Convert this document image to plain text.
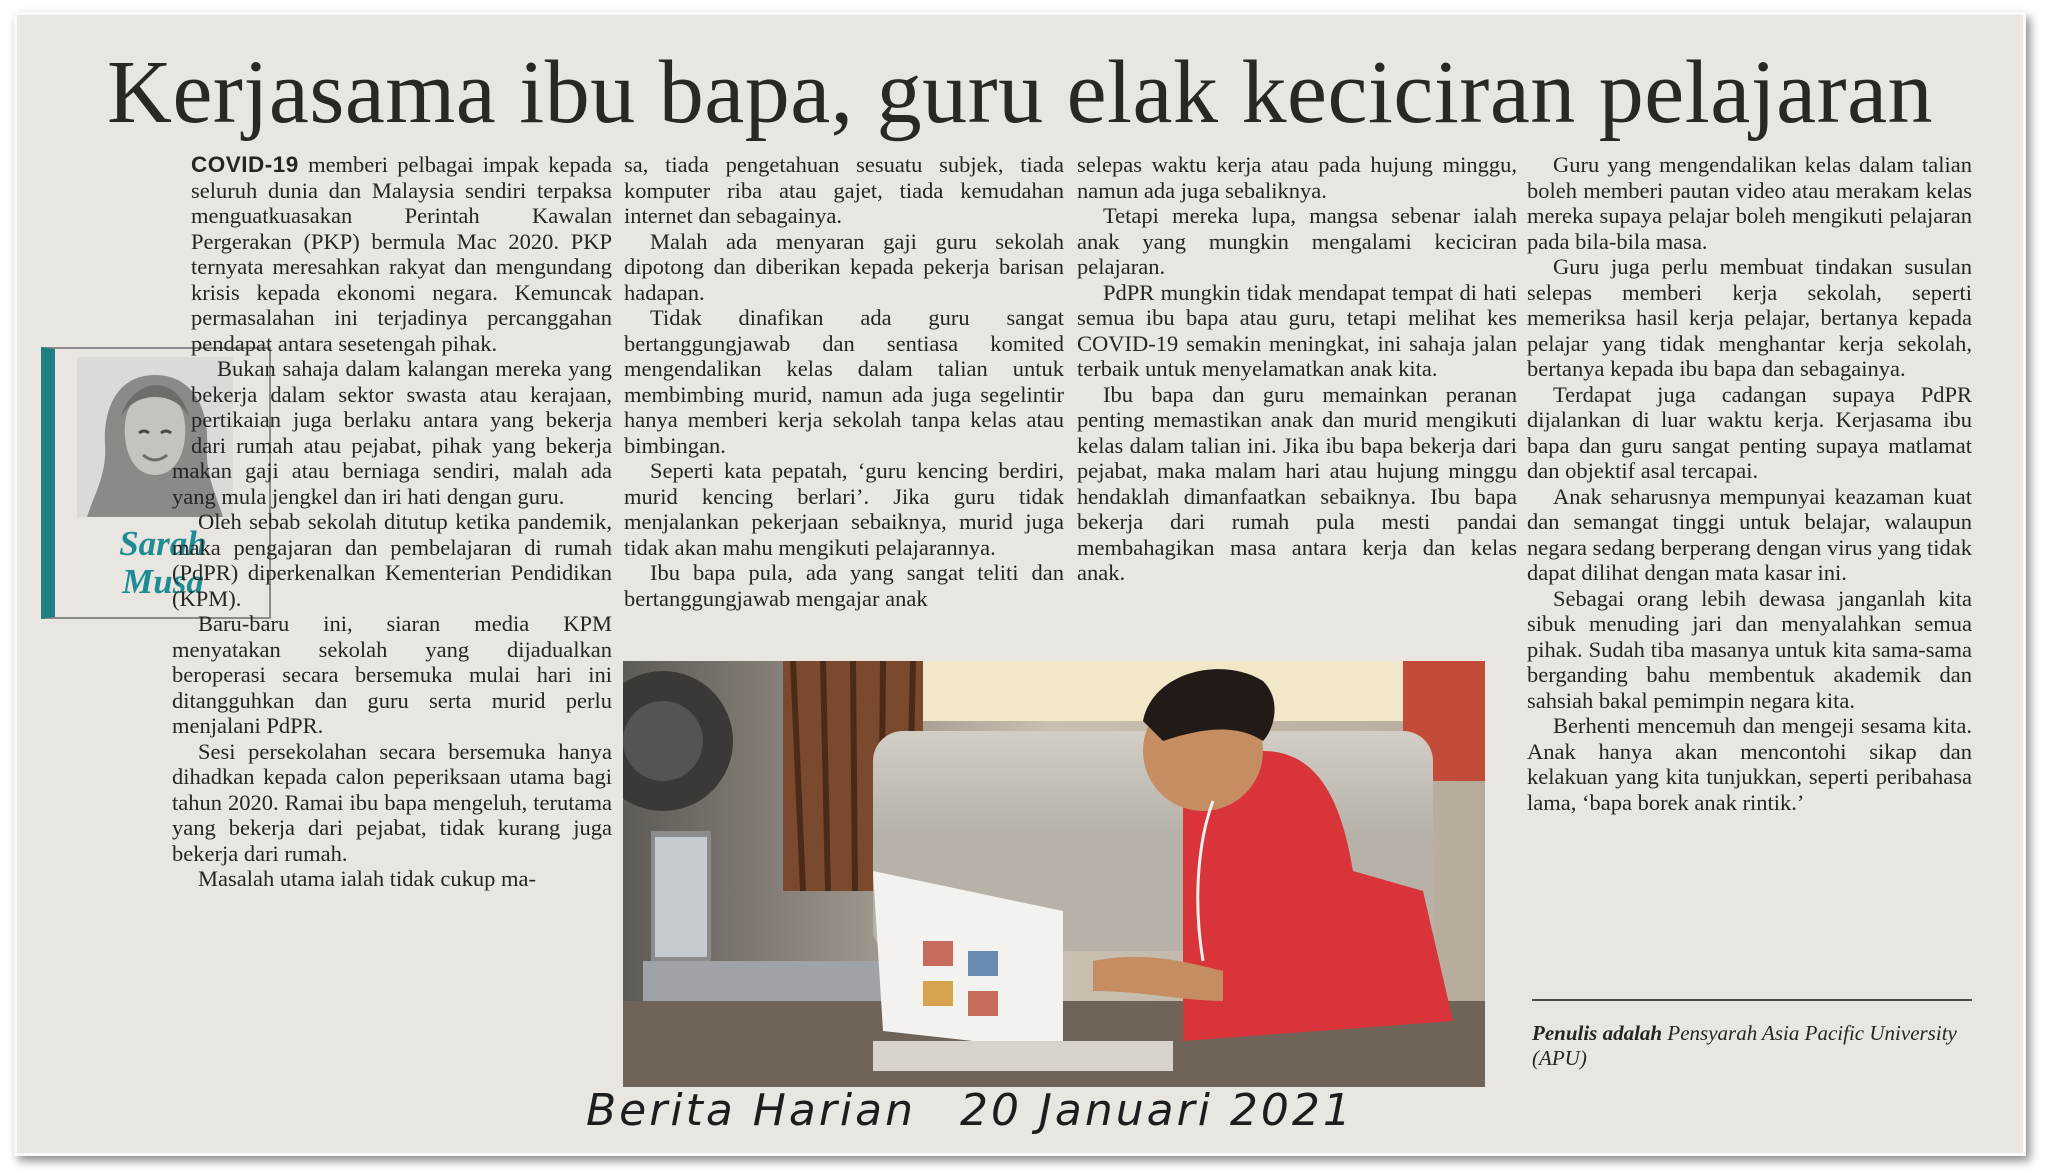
Kerjasama ibu bapa, guru elak keciciran pelajaran
Sarah
Musa

COVID-19 memberi pelbagai impak kepada seluruh dunia dan Malaysia sendiri terpaksa menguatkuasakan Perintah Kawalan Pergerakan (PKP) bermula Mac 2020. PKP ternyata meresahkan rakyat dan mengundang krisis kepada ekonomi negara. Kemuncak permasalahan ini terjadinya percanggahan pendapat antara sesetengah pihak.

Bukan sahaja dalam kalangan mereka yang bekerja dalam sektor swasta atau kerajaan, pertikaian juga berlaku antara yang bekerja dari rumah atau pejabat, pihak yang bekerja makan gaji atau berniaga sendiri, malah ada yang mula jengkel dan iri hati dengan guru.

Oleh sebab sekolah ditutup ketika pandemik, maka pengajaran dan pembelajaran di rumah (PdPR) diperkenalkan Kementerian Pendidikan (KPM).

Baru-baru ini, siaran media KPM menyatakan sekolah yang dijadualkan beroperasi secara bersemuka mulai hari ini ditangguhkan dan guru serta murid perlu menjalani PdPR.

Sesi persekolahan secara bersemuka hanya dihadkan kepada calon peperiksaan utama bagi tahun 2020. Ramai ibu bapa mengeluh, terutama yang bekerja dari pejabat, tidak kurang juga bekerja dari rumah.

Masalah utama ialah tidak cukup ma-

sa, tiada pengetahuan sesuatu subjek, tiada komputer riba atau gajet, tiada kemudahan internet dan sebagainya.

Malah ada menyaran gaji guru sekolah dipotong dan diberikan kepada pekerja barisan hadapan.

Tidak dinafikan ada guru sangat bertanggungjawab dan sentiasa komited mengendalikan kelas dalam talian untuk membimbing murid, namun ada juga segelintir hanya memberi kerja sekolah tanpa kelas atau bimbingan.

Seperti kata pepatah, ‘guru kencing berdiri, murid kencing berlari’. Jika guru tidak menjalankan pekerjaan sebaiknya, murid juga tidak akan mahu mengikuti pelajarannya.

Ibu bapa pula, ada yang sangat teliti dan bertanggungjawab mengajar anak

selepas waktu kerja atau pada hujung minggu, namun ada juga sebaliknya.

Tetapi mereka lupa, mangsa sebenar ialah anak yang mungkin mengalami keciciran pelajaran.

PdPR mungkin tidak mendapat tempat di hati semua ibu bapa atau guru, tetapi melihat kes COVID-19 semakin meningkat, ini sahaja jalan terbaik untuk menyelamatkan anak kita.

Ibu bapa dan guru memainkan peranan penting memastikan anak dan murid mengikuti kelas dalam talian ini. Jika ibu bapa bekerja dari pejabat, maka malam hari atau hujung minggu hendaklah dimanfaatkan sebaiknya. Ibu bapa bekerja dari rumah pula mesti pandai membahagikan masa antara kerja dan kelas anak.

Guru yang mengendalikan kelas dalam talian boleh memberi pautan video atau merakam kelas mereka supaya pelajar boleh mengikuti pelajaran pada bila-bila masa.

Guru juga perlu membuat tindakan susulan selepas memberi kerja sekolah, seperti memeriksa hasil kerja pelajar, bertanya kepada pelajar yang tidak menghantar kerja sekolah, bertanya kepada ibu bapa dan sebagainya.

Terdapat juga cadangan supaya PdPR dijalankan di luar waktu kerja. Kerjasama ibu bapa dan guru sangat penting supaya matlamat dan objektif asal tercapai.

Anak seharusnya mempunyai keazaman kuat dan semangat tinggi untuk belajar, walaupun negara sedang berperang dengan virus yang tidak dapat dilihat dengan mata kasar ini.

Sebagai orang lebih dewasa janganlah kita sibuk menuding jari dan menyalahkan semua pihak. Sudah tiba masanya untuk kita sama-sama berganding bahu membentuk akademik dan sahsiah bakal pemimpin negara kita.

Berhenti mencemuh dan mengeji sesama kita. Anak hanya akan mencontohi sikap dan kelakuan yang kita tunjukkan, seperti peribahasa lama, ‘bapa borek anak rintik.’

Penulis adalah Pensyarah Asia Pacific University (APU)
Berita Harian 20 Januari 2021
